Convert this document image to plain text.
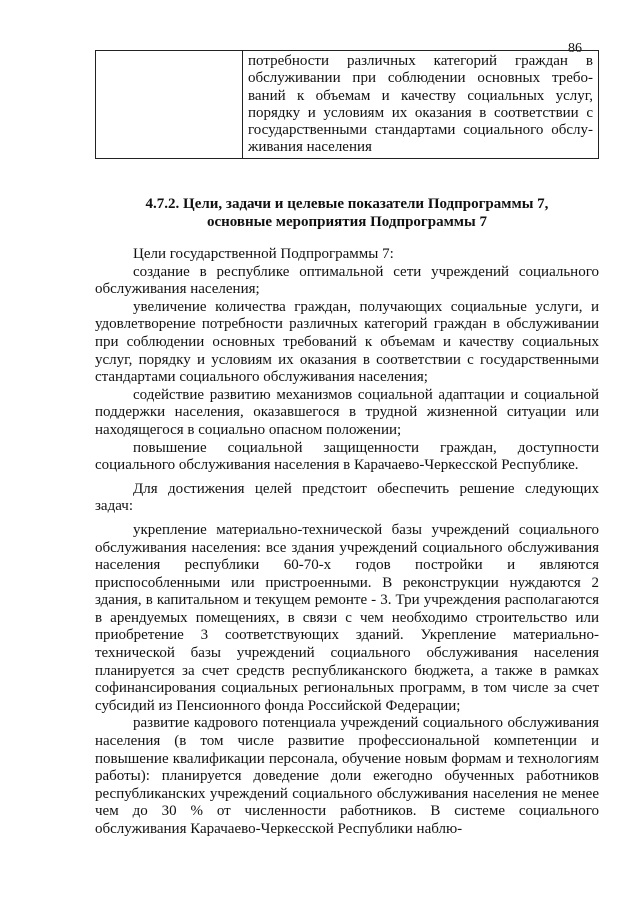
86

потребности различных категорий граждан в
обслуживании при соблюдении основных требо-
ваний к объемам и качеству социальных услуг,
порядку и условиям их оказания в соответствии с
государственными стандартами социального обслу-
живания населения
4.7.2. Цели, задачи и целевые показатели Подпрограммы 7,
основные мероприятия Подпрограммы 7

Цели государственной Подпрограммы 7:

создание в республике оптимальной сети учреждений социального обслуживания населения;

увеличение количества граждан, получающих социальные услуги, и удовлетворение потребности различных категорий граждан в обслуживании при соблюдении основных требований к объемам и качеству социальных услуг, порядку и условиям их оказания в соответствии с государственными стандартами социального обслуживания населения;

содействие развитию механизмов социальной адаптации и социальной поддержки населения, оказавшегося в трудной жизненной ситуации или находящегося в социально опасном положении;

повышение социальной защищенности граждан, доступности социального обслуживания населения в Карачаево-Черкесской Республике.

Для достижения целей предстоит обеспечить решение следующих задач:

укрепление материально-технической базы учреждений социального обслуживания населения: все здания учреждений социального обслуживания населения республики 60-70-х годов постройки и являются приспособленными или пристроенными. В реконструкции нуждаются 2 здания, в капитальном и текущем ремонте - 3. Три учреждения располагаются в арендуемых помещениях, в связи с чем необходимо строительство или приобретение 3 соответствующих зданий. Укрепление материально-технической базы учреждений социального обслуживания населения планируется за счет средств республиканского бюджета, а также в рамках софинансирования социальных региональных программ, в том числе за счет субсидий из Пенсионного фонда Российской Федерации;

развитие кадрового потенциала учреждений социального обслуживания населения (в том числе развитие профессиональной компетенции и повышение квалификации персонала, обучение новым формам и технологиям работы): планируется доведение доли ежегодно обученных работников республиканских учреждений социального обслуживания населения не менее чем до 30 % от численности работников. В системе социального обслуживания Карачаево-Черкесской Республики наблю-
